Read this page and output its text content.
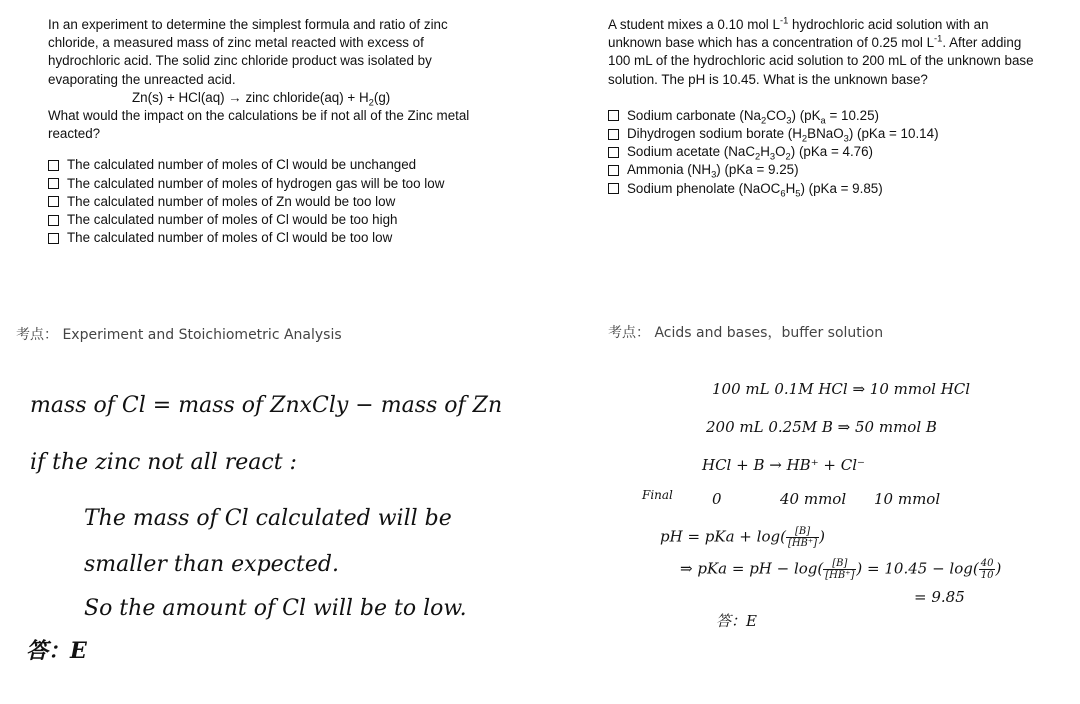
In an experiment to determine the simplest formula and ratio of zinc chloride, a measured mass of zinc metal reacted with excess of hydrochloric acid. The solid zinc chloride product was isolated by evaporating the unreacted acid.

Zn(s) + HCl(aq) → zinc chloride(aq) + $H_2(g)$

What would the impact on the calculations be if not all of the Zinc metal reacted?

The calculated number of moles of Cl would be unchanged
The calculated number of moles of hydrogen gas will be too low
The calculated number of moles of Zn would be too low
The calculated number of moles of Cl would be too high
The calculated number of moles of Cl would be too low

A student mixes a 0.10 mol $L^{-1}$ hydrochloric acid solution with an unknown base which has a concentration of 0.25 mol $L^{-1}$. After adding 100 mL of the hydrochloric acid solution to 200 mL of the unknown base solution. The pH is 10.45. What is the unknown base?

Sodium carbonate $(Na_2CO_3) (pK_a = 10.25)$
Dihydrogen sodium borate $(H_2BNaO_3) (pKa = 10.14)$
Sodium acetate $(NaC_2H_3O_2) (pKa = 4.76)$
Ammonia $(NH_3) (pKa = 9.25)$
Sodium phenolate $(NaOC_6H_5) (pKa = 9.85)$
考点： Experiment and Stoichiometric Analysis	考点： Acids and bases，buffer solution
mass of Cl = mass of ZnxCly − mass of Zn
if the zinc not all react :
The mass of Cl calculated will be
smaller than expected.
So the amount of Cl will be to low.
答：E
100 mL 0.1M HCl ⇒ 10 mmol HCl
200 mL 0.25M B ⇒ 50 mmol B
HCl + B → HB⁺ + Cl⁻
Final	0	40 mmol 10 mmol
pH = pKa + $\log( \frac{[B]}{[HB^+]}$ )
⇒ pKa = pH − $\log( \frac{[B]}{[HB^+]}$ ) = $10.45 - \log( \frac{40}{10}$ )
= 9.85
答：E
